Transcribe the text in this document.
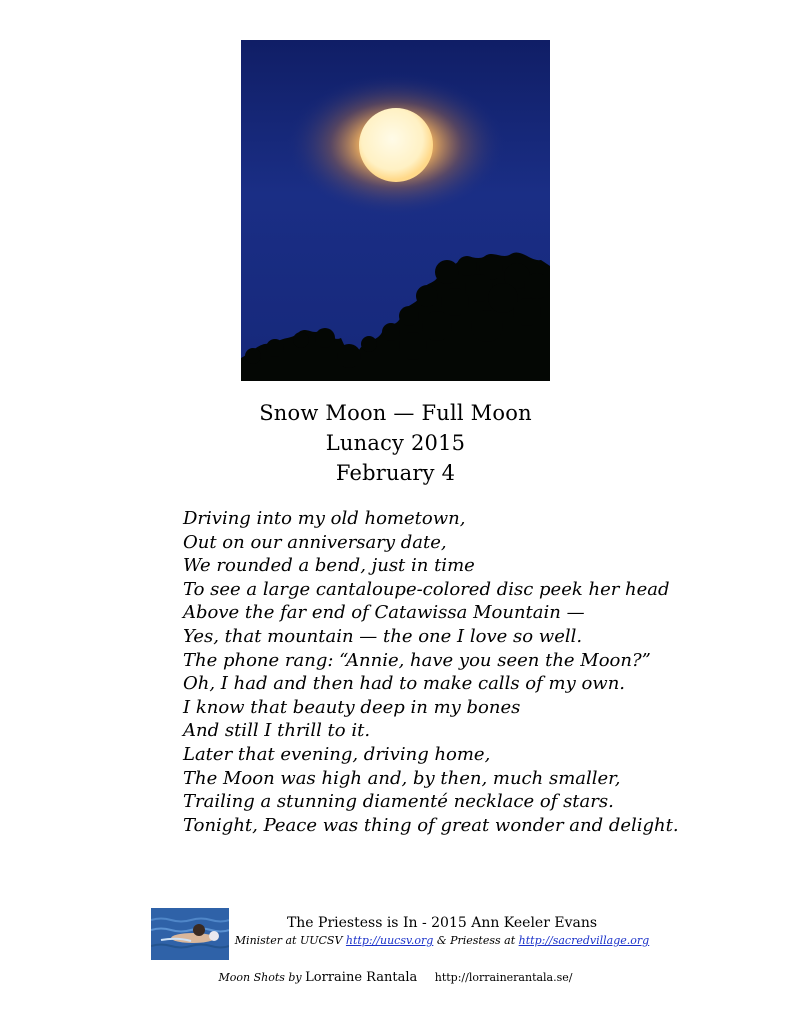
Snow Moon — Full Moon
Lunacy 2015
February 4
Driving into my old hometown,
Out on our anniversary date,
We rounded a bend, just in time
To see a large cantaloupe-colored disc peek her head
Above the far end of Catawissa Mountain —
Yes, that mountain — the one I love so well.
The phone rang: “Annie, have you seen the Moon?”
Oh, I had and then had to make calls of my own.
I know that beauty deep in my bones
And still I thrill to it.
Later that evening, driving home,
The Moon was high and, by then, much smaller,
Trailing a stunning diamenté necklace of stars.
Tonight, Peace was thing of great wonder and delight.
The Priestess is In - 2015 Ann Keeler Evans
Minister at UUCSV http://uucsv.org & Priestess at http://sacredvillage.org
Moon Shots by Lorraine Rantala http://lorrainerantala.se/
